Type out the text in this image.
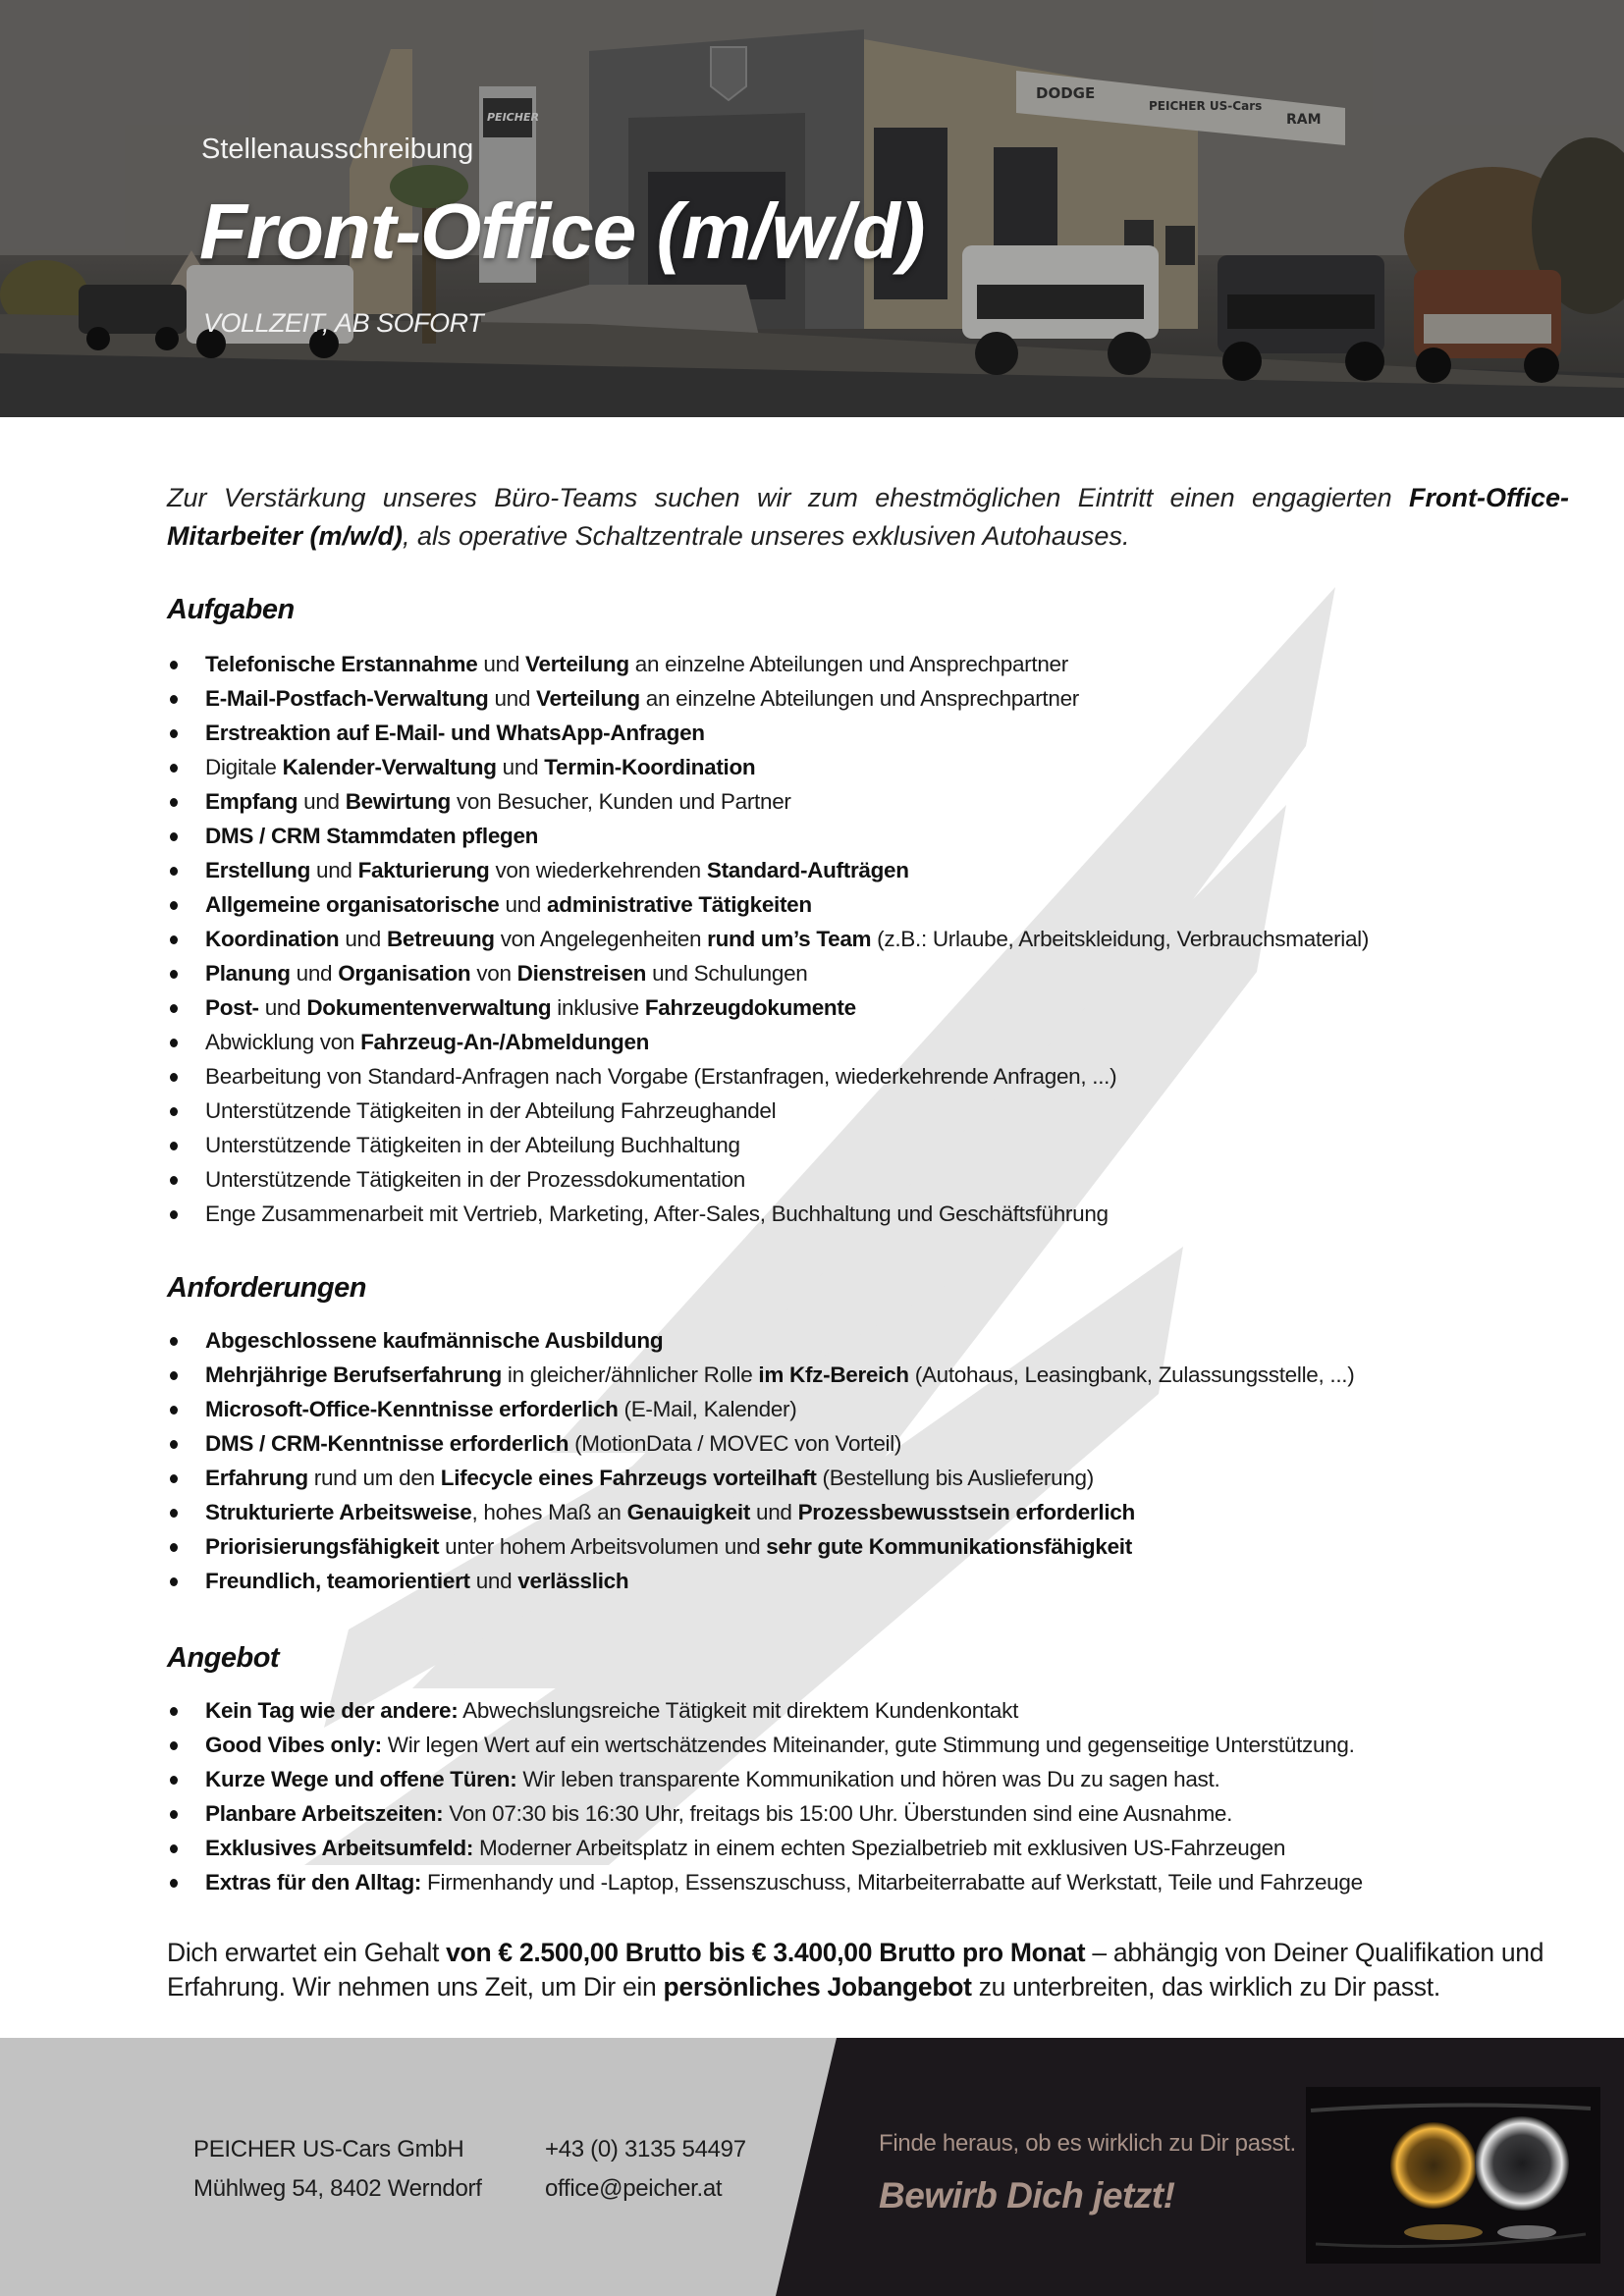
DODGE
PEICHER US-Cars
RAM
PEICHER
Stellenausschreibung
Front-Office (m/w/d)
VOLLZEIT, AB SOFORT

Zur Verstärkung unseres Büro-Teams suchen wir zum ehestmöglichen Eintritt einen engagierten Front-Office-Mitarbeiter (m/w/d), als operative Schaltzentrale unseres exklusiven Autohauses.

Aufgaben
Telefonische Erstannahme und Verteilung an einzelne Abteilungen und Ansprechpartner
E-Mail-Postfach-Verwaltung und Verteilung an einzelne Abteilungen und Ansprechpartner
Erstreaktion auf E-Mail- und WhatsApp-Anfragen
Digitale Kalender-Verwaltung und Termin-Koordination
Empfang und Bewirtung von Besucher, Kunden und Partner
DMS / CRM Stammdaten pflegen
Erstellung und Fakturierung von wiederkehrenden Standard-Aufträgen
Allgemeine organisatorische und administrative Tätigkeiten
Koordination und Betreuung von Angelegenheiten rund um’s Team (z.B.: Urlaube, Arbeitskleidung, Verbrauchsmaterial)
Planung und Organisation von Dienstreisen und Schulungen
Post- und Dokumentenverwaltung inklusive Fahrzeugdokumente
Abwicklung von Fahrzeug-An-/Abmeldungen
Bearbeitung von Standard-Anfragen nach Vorgabe (Erstanfragen, wiederkehrende Anfragen, ...)
Unterstützende Tätigkeiten in der Abteilung Fahrzeughandel
Unterstützende Tätigkeiten in der Abteilung Buchhaltung
Unterstützende Tätigkeiten in der Prozessdokumentation
Enge Zusammenarbeit mit Vertrieb, Marketing, After-Sales, Buchhaltung und Geschäftsführung
Anforderungen
Abgeschlossene kaufmännische Ausbildung
Mehrjährige Berufserfahrung in gleicher/ähnlicher Rolle im Kfz-Bereich (Autohaus, Leasingbank, Zulassungsstelle, ...)
Microsoft-Office-Kenntnisse erforderlich (E-Mail, Kalender)
DMS / CRM-Kenntnisse erforderlich (MotionData / MOVEC von Vorteil)
Erfahrung rund um den Lifecycle eines Fahrzeugs vorteilhaft (Bestellung bis Auslieferung)
Strukturierte Arbeitsweise, hohes Maß an Genauigkeit und Prozessbewusstsein erforderlich
Priorisierungsfähigkeit unter hohem Arbeitsvolumen und sehr gute Kommunikationsfähigkeit
Freundlich, teamorientiert und verlässlich
Angebot
Kein Tag wie der andere: Abwechslungsreiche Tätigkeit mit direktem Kundenkontakt
Good Vibes only: Wir legen Wert auf ein wertschätzendes Miteinander, gute Stimmung und gegenseitige Unterstützung.
Kurze Wege und offene Türen: Wir leben transparente Kommunikation und hören was Du zu sagen hast.
Planbare Arbeitszeiten: Von 07:30 bis 16:30 Uhr, freitags bis 15:00 Uhr. Überstunden sind eine Ausnahme.
Exklusives Arbeitsumfeld: Moderner Arbeitsplatz in einem echten Spezialbetrieb mit exklusiven US-Fahrzeugen
Extras für den Alltag: Firmenhandy und -Laptop, Essenszuschuss, Mitarbeiterrabatte auf Werkstatt, Teile und Fahrzeuge

Dich erwartet ein Gehalt von € 2.500,00 Brutto bis € 3.400,00 Brutto pro Monat – abhängig von Deiner Qualifikation und Erfahrung. Wir nehmen uns Zeit, um Dir ein persönliches Jobangebot zu unterbreiten, das wirklich zu Dir passt.

PEICHER US-Cars GmbH
Mühlweg 54, 8402 Werndorf
+43 (0) 3135 54497
office@peicher.at
Finde heraus, ob es wirklich zu Dir passt.
Bewirb Dich jetzt!
